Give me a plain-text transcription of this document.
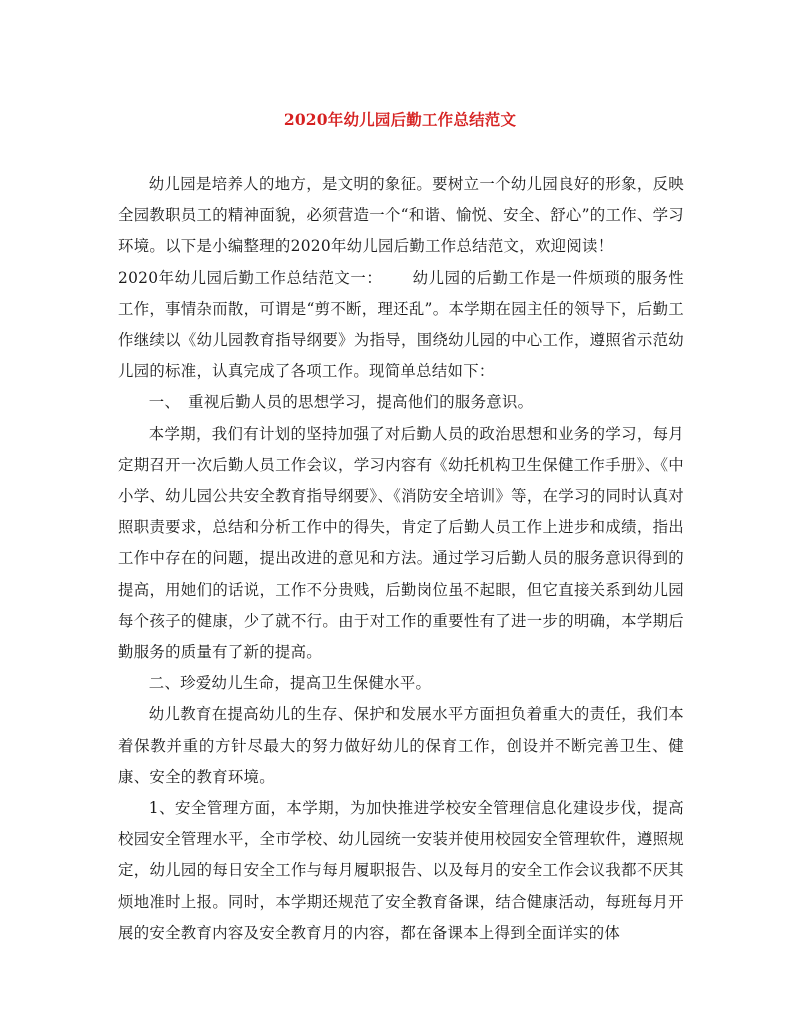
2020年幼儿园后勤工作总结范文

幼儿园是培养人的地方，是文明的象征。要树立一个幼儿园良好的形象，反映全园教职员工的精神面貌，必须营造一个“和谐、愉悦、安全、舒心”的工作、学习环境。以下是小编整理的2020年幼儿园后勤工作总结范文，欢迎阅读！

2020年幼儿园后勤工作总结范文一： 幼儿园的后勤工作是一件烦琐的服务性工作，事情杂而散，可谓是“剪不断，理还乱”。本学期在园主任的领导下，后勤工作继续以《幼儿园教育指导纲要》为指导，围绕幼儿园的中心工作，遵照省示范幼儿园的标准，认真完成了各项工作。现简单总结如下：

一、　重视后勤人员的思想学习，提高他们的服务意识。

本学期，我们有计划的坚持加强了对后勤人员的政治思想和业务的学习，每月定期召开一次后勤人员工作会议，学习内容有《幼托机构卫生保健工作手册》、《中小学、幼儿园公共安全教育指导纲要》、《消防安全培训》等，在学习的同时认真对照职责要求，总结和分析工作中的得失，肯定了后勤人员工作上进步和成绩，指出工作中存在的问题，提出改进的意见和方法。通过学习后勤人员的服务意识得到的提高，用她们的话说，工作不分贵贱，后勤岗位虽不起眼，但它直接关系到幼儿园每个孩子的健康，少了就不行。由于对工作的重要性有了进一步的明确，本学期后勤服务的质量有了新的提高。

二、珍爱幼儿生命，提高卫生保健水平。

幼儿教育在提高幼儿的生存、保护和发展水平方面担负着重大的责任，我们本着保教并重的方针尽最大的努力做好幼儿的保育工作，创设并不断完善卫生、健康、安全的教育环境。

1、安全管理方面，本学期，为加快推进学校安全管理信息化建设步伐，提高校园安全管理水平，全市学校、幼儿园统一安装并使用校园安全管理软件，遵照规定，幼儿园的每日安全工作与每月履职报告、以及每月的安全工作会议我都不厌其烦地准时上报。同时，本学期还规范了安全教育备课，结合健康活动，每班每月开展的安全教育内容及安全教育月的内容，都在备课本上得到全面详实的体
